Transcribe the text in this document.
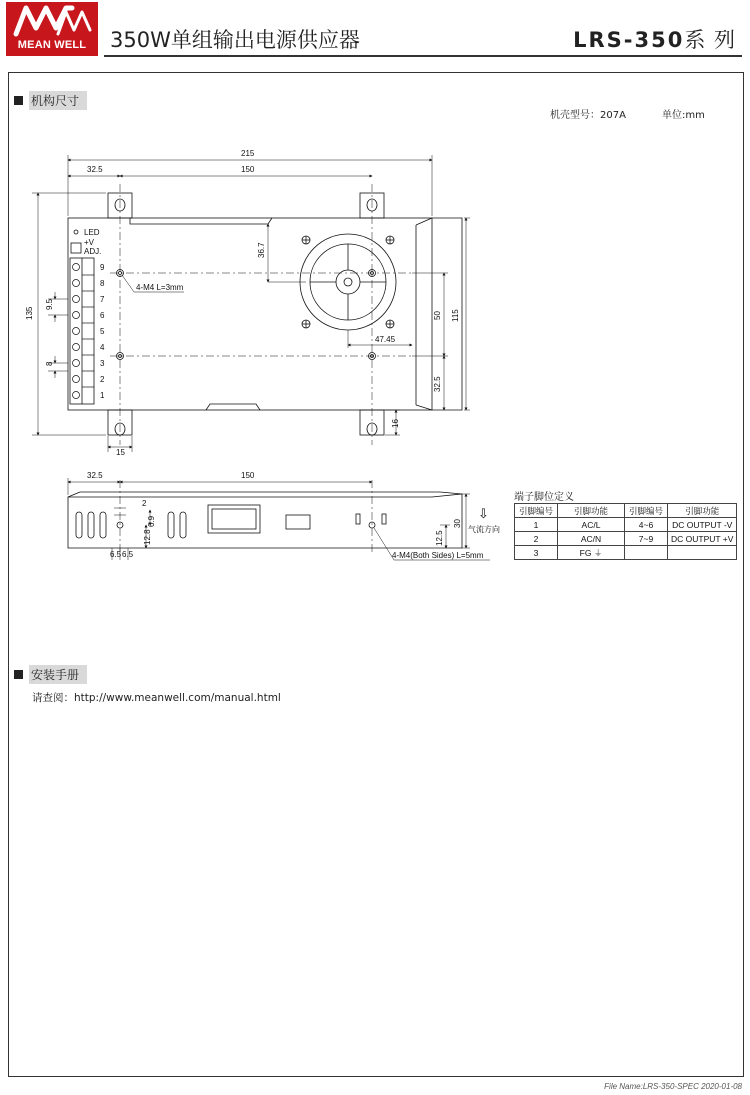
MEAN WELL	350W单组输出电源供应器	LRS-350系 列
机构尺寸
机壳型号：207A	单位:mm
9
8
7
6
5
4
3
2
1
LED
+V
ADJ.
215
32.5	150
135	115
50
36.7
47.45
32.5
9.5
8
15
16
4-M4 L=3mm
32.5	150
2
6.9
12.8
6.5 6.5
12.5
30
4-M4(Both Sides) L=5mm
⇩
气流方向
端子脚位定义
引脚编号	引脚功能	引脚编号	引脚功能
1	AC/L	4~6	DC OUTPUT -V
2	AC/N	7~9	DC OUTPUT +V
3	FG ⏚		
安装手册
请查阅：http://www.meanwell.com/manual.html
File Name:LRS-350-SPEC 2020-01-08
